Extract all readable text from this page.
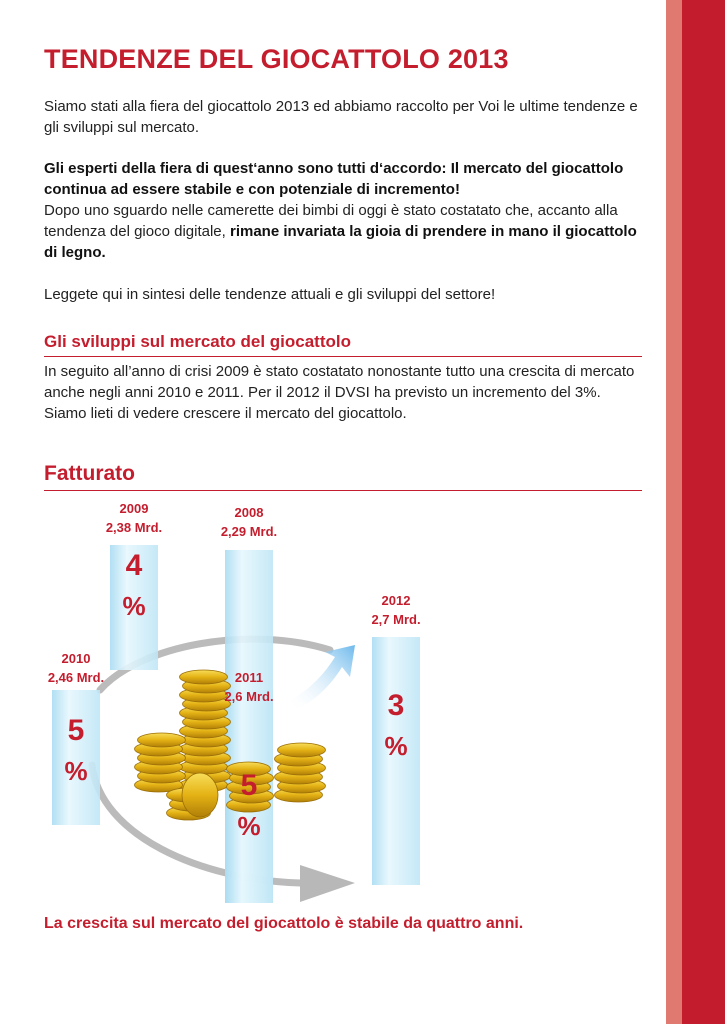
TENDENZE DEL GIOCATTOLO 2013
Siamo stati alla fiera del giocattolo 2013 ed abbiamo raccolto per Voi le ultime tendenze e gli sviluppi sul mercato.
Gli esperti della fiera di quest‘anno sono tutti d‘accordo: Il mercato del giocattolo continua ad essere stabile e con potenziale di incremento!
Dopo uno sguardo nelle camerette dei bimbi di oggi è stato costatato che, accanto alla tendenza del gioco digitale, rimane invariata la gioia di prendere in mano il giocattolo di legno.
Leggete qui in sintesi delle tendenze attuali e gli sviluppi del settore!
Gli sviluppi sul mercato del giocattolo
In seguito all’anno di crisi 2009 è stato costatato nonostante tutto una crescita di mercato anche negli anni 2010 e 2011. Per il 2012 il DVSI ha previsto un incremento del 3%. Siamo lieti di vedere crescere il mercato del giocattolo.
Fatturato
2008
2,29 Mrd.
2009
2,38 Mrd.
4
%
2010
2,46 Mrd.
5
%
2011
2,6 Mrd.
5
%
2012
2,7 Mrd.
3
%
La crescita sul mercato del giocattolo è stabile da quattro anni.
